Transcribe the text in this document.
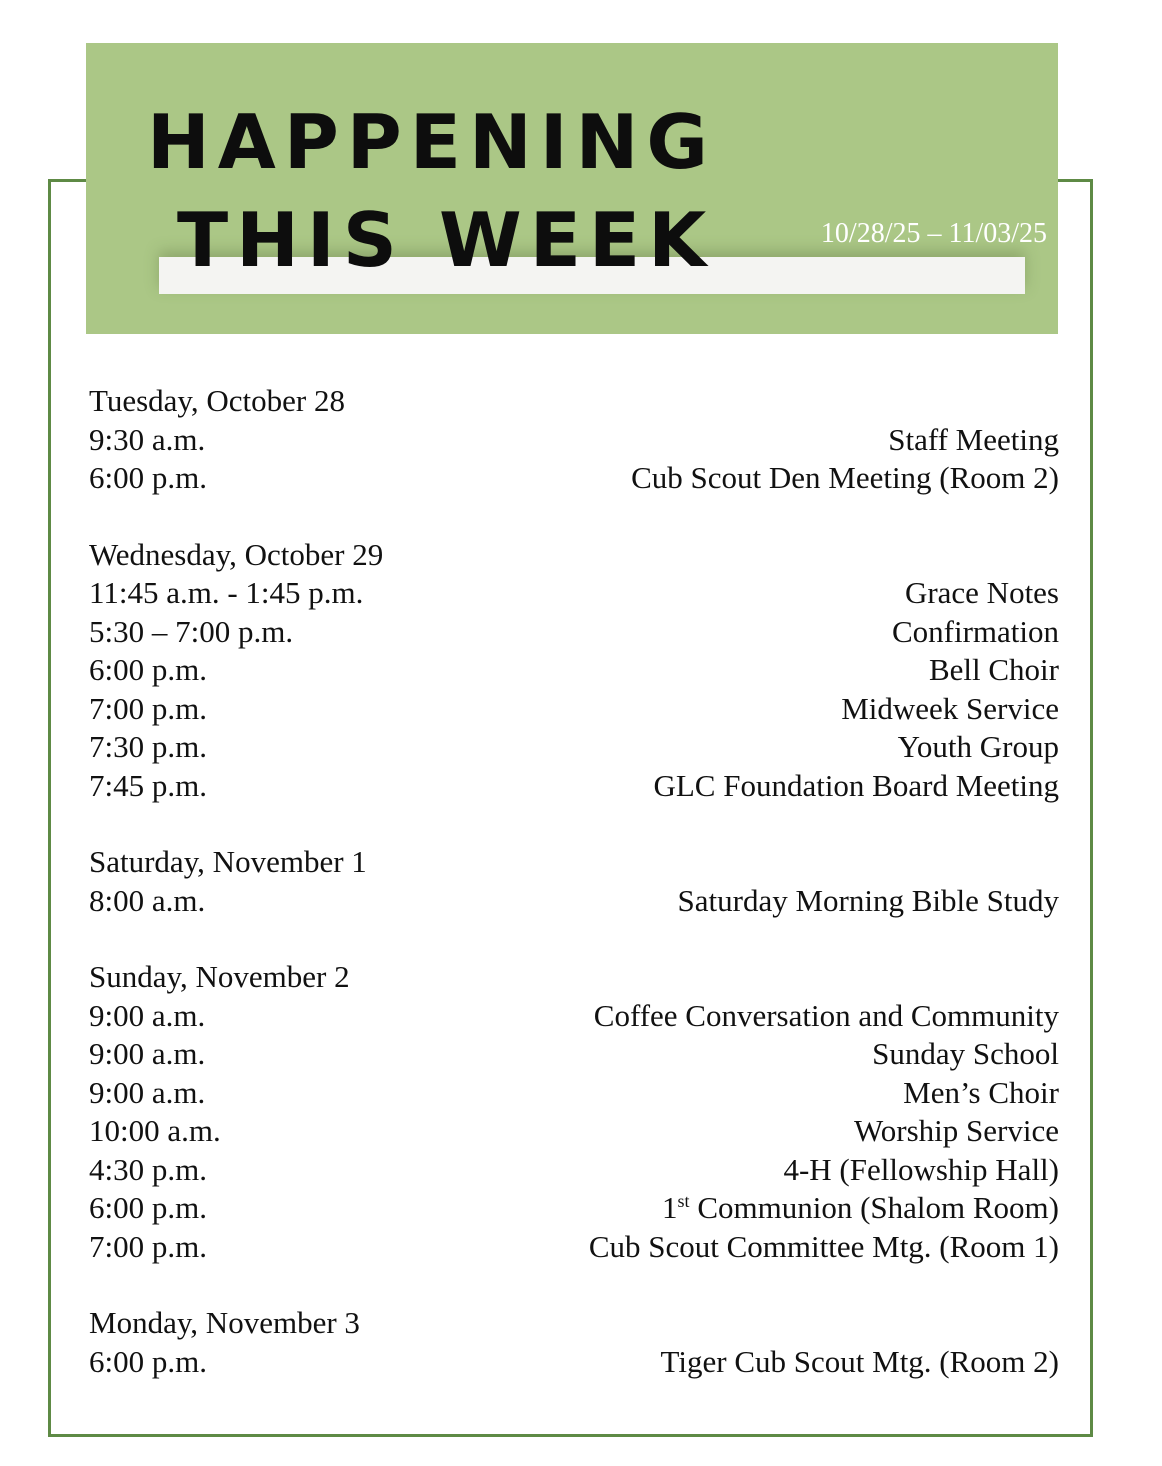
HAPPENING
THIS WEEK	10/28/25 – 11/03/25
Tuesday, October 28
9:30 a.m.	Staff Meeting
6:00 p.m.	Cub Scout Den Meeting (Room 2)
Wednesday, October 29
11:45 a.m. - 1:45 p.m.	Grace Notes
5:30 – 7:00 p.m.	Confirmation
6:00 p.m.	Bell Choir
7:00 p.m.	Midweek Service
7:30 p.m.	Youth Group
7:45 p.m.	GLC Foundation Board Meeting
Saturday, November 1
8:00 a.m.	Saturday Morning Bible Study
Sunday, November 2
9:00 a.m.	Coffee Conversation and Community
9:00 a.m.	Sunday School
9:00 a.m.	Men’s Choir
10:00 a.m.	Worship Service
4:30 p.m.	4-H (Fellowship Hall)
6:00 p.m.	1st Communion (Shalom Room)
7:00 p.m.	Cub Scout Committee Mtg. (Room 1)
Monday, November 3
6:00 p.m.	Tiger Cub Scout Mtg. (Room 2)
